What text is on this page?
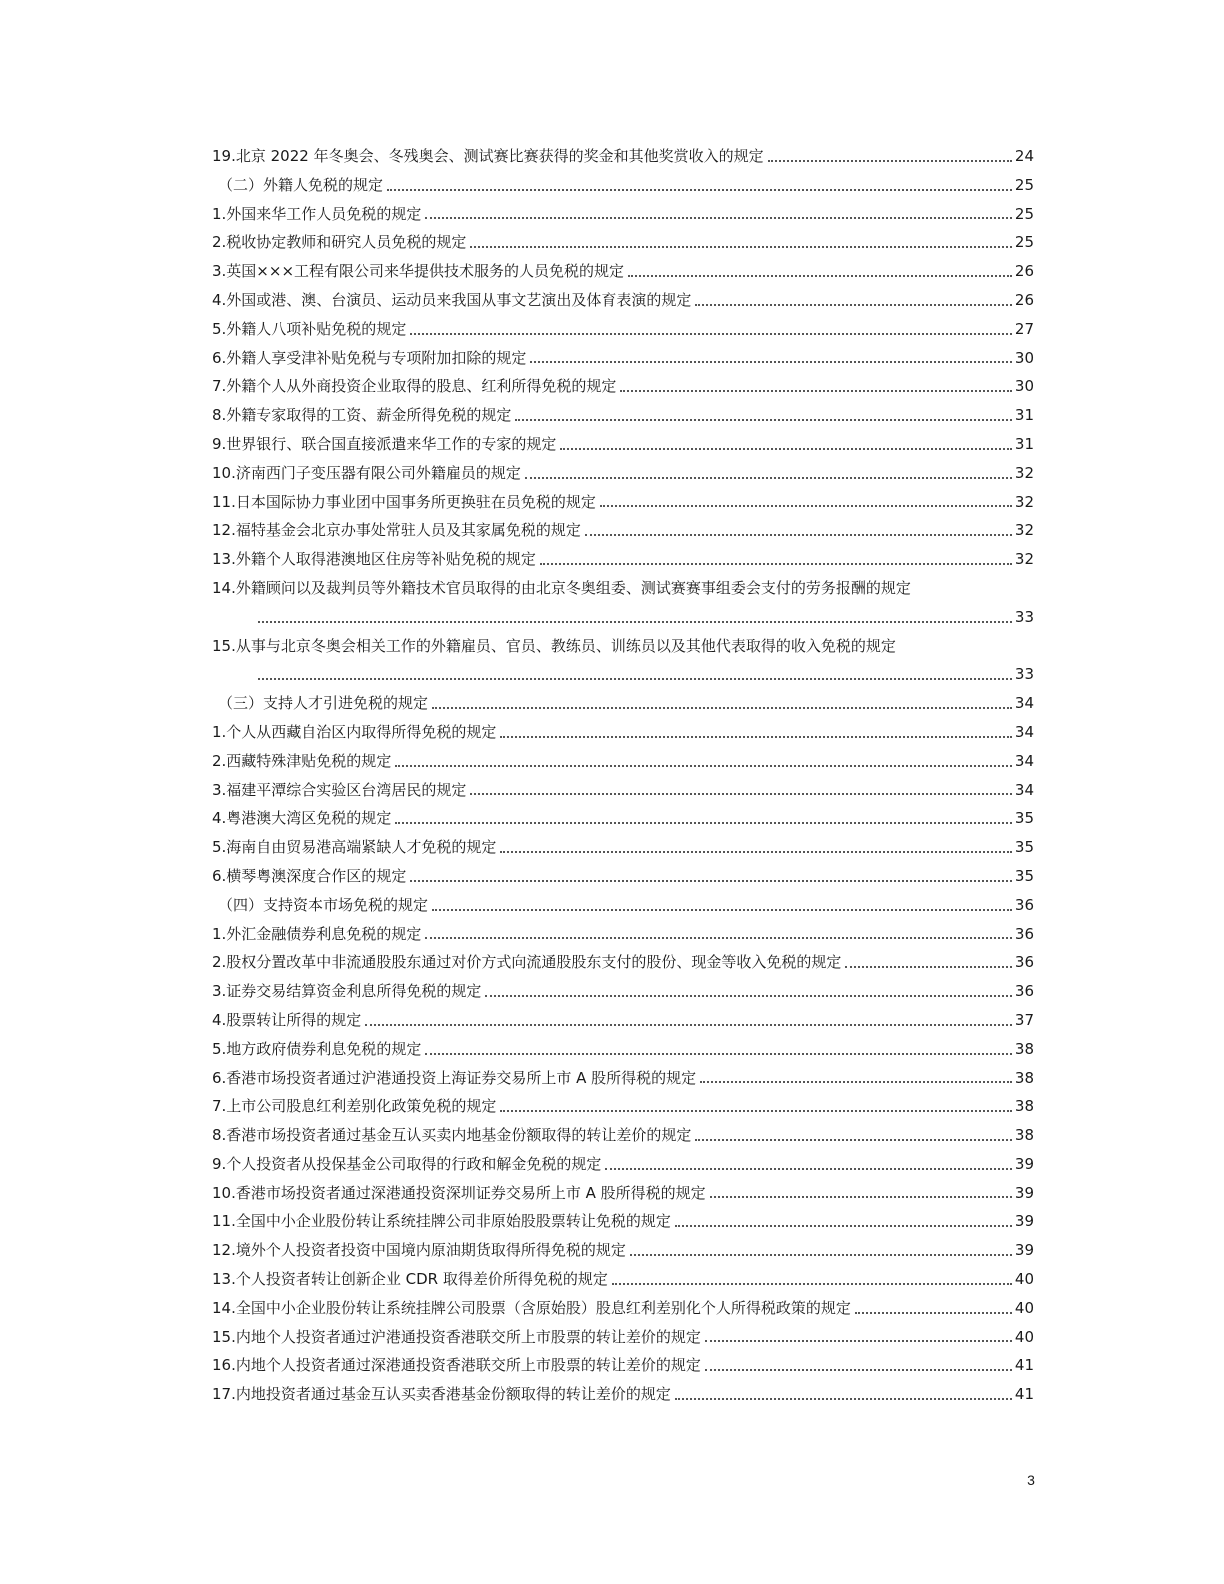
19.北京 2022 年冬奥会、冬残奥会、测试赛比赛获得的奖金和其他奖赏收入的规定	24
（二）外籍人免税的规定	25
1.外国来华工作人员免税的规定	25
2.税收协定教师和研究人员免税的规定	25
3.英国×××工程有限公司来华提供技术服务的人员免税的规定	26
4.外国或港、澳、台演员、运动员来我国从事文艺演出及体育表演的规定	26
5.外籍人八项补贴免税的规定	27
6.外籍人享受津补贴免税与专项附加扣除的规定	30
7.外籍个人从外商投资企业取得的股息、红利所得免税的规定	30
8.外籍专家取得的工资、薪金所得免税的规定	31
9.世界银行、联合国直接派遣来华工作的专家的规定	31
10.济南西门子变压器有限公司外籍雇员的规定	32
11.日本国际协力事业团中国事务所更换驻在员免税的规定	32
12.福特基金会北京办事处常驻人员及其家属免税的规定	32
13.外籍个人取得港澳地区住房等补贴免税的规定	32
14.外籍顾问以及裁判员等外籍技术官员取得的由北京冬奥组委、测试赛赛事组委会支付的劳务报酬的规定
33
15.从事与北京冬奥会相关工作的外籍雇员、官员、教练员、训练员以及其他代表取得的收入免税的规定
33
（三）支持人才引进免税的规定	34
1.个人从西藏自治区内取得所得免税的规定	34
2.西藏特殊津贴免税的规定	34
3.福建平潭综合实验区台湾居民的规定	34
4.粤港澳大湾区免税的规定	35
5.海南自由贸易港高端紧缺人才免税的规定	35
6.横琴粤澳深度合作区的规定	35
（四）支持资本市场免税的规定	36
1.外汇金融债券利息免税的规定	36
2.股权分置改革中非流通股股东通过对价方式向流通股股东支付的股份、现金等收入免税的规定	36
3.证券交易结算资金利息所得免税的规定	36
4.股票转让所得的规定	37
5.地方政府债券利息免税的规定	38
6.香港市场投资者通过沪港通投资上海证券交易所上市 A 股所得税的规定	38
7.上市公司股息红利差别化政策免税的规定	38
8.香港市场投资者通过基金互认买卖内地基金份额取得的转让差价的规定	38
9.个人投资者从投保基金公司取得的行政和解金免税的规定	39
10.香港市场投资者通过深港通投资深圳证券交易所上市 A 股所得税的规定	39
11.全国中小企业股份转让系统挂牌公司非原始股股票转让免税的规定	39
12.境外个人投资者投资中国境内原油期货取得所得免税的规定	39
13.个人投资者转让创新企业 CDR 取得差价所得免税的规定	40
14.全国中小企业股份转让系统挂牌公司股票（含原始股）股息红利差别化个人所得税政策的规定	40
15.内地个人投资者通过沪港通投资香港联交所上市股票的转让差价的规定	40
16.内地个人投资者通过深港通投资香港联交所上市股票的转让差价的规定	41
17.内地投资者通过基金互认买卖香港基金份额取得的转让差价的规定	41
3
